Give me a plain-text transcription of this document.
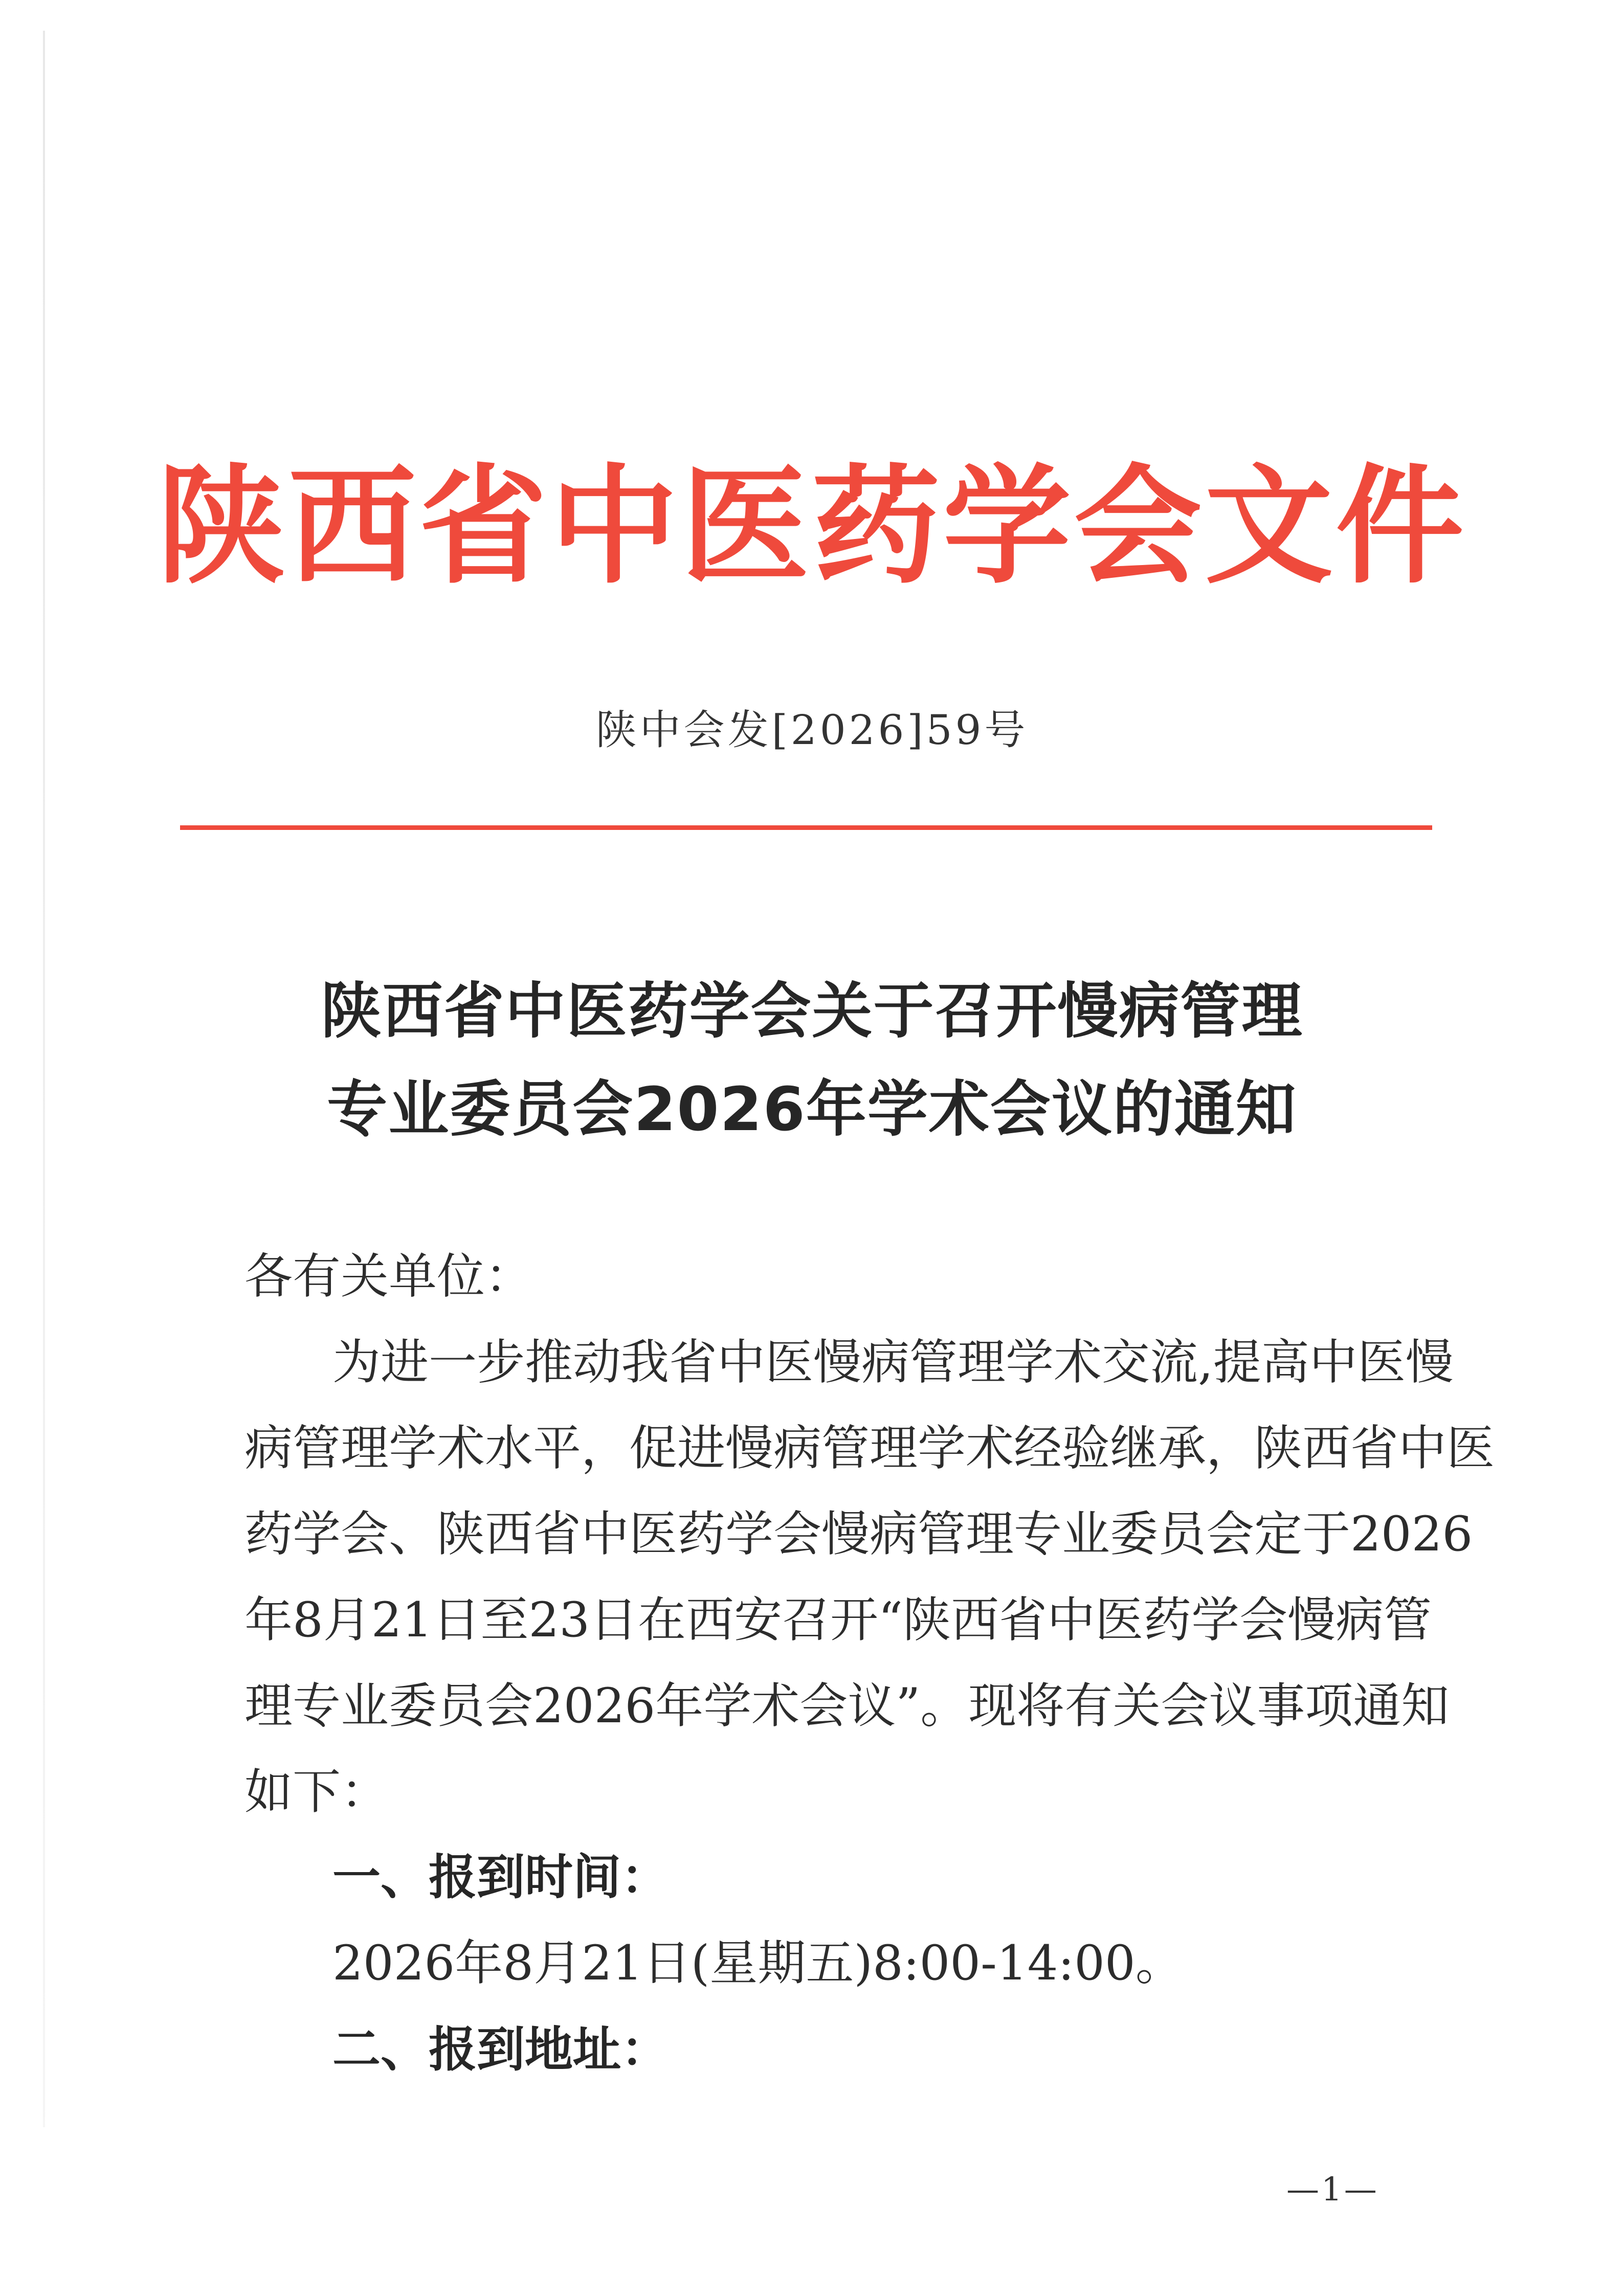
陕西省中医药学会文件
陕中会发[2026]59号
陕西省中医药学会关于召开慢病管理
专业委员会2026年学术会议的通知
各有关单位：
为进一步推动我省中医慢病管理学术交流,提高中医慢
病管理学术水平，促进慢病管理学术经验继承，陕西省中医
药学会、陕西省中医药学会慢病管理专业委员会定于2026
年8月21日至23日在西安召开“陕西省中医药学会慢病管
理专业委员会2026年学术会议”。现将有关会议事项通知
如下：
一、报到时间：
2026年8月21日(星期五)8:00-14:00。
二、报到地址：
—1—
